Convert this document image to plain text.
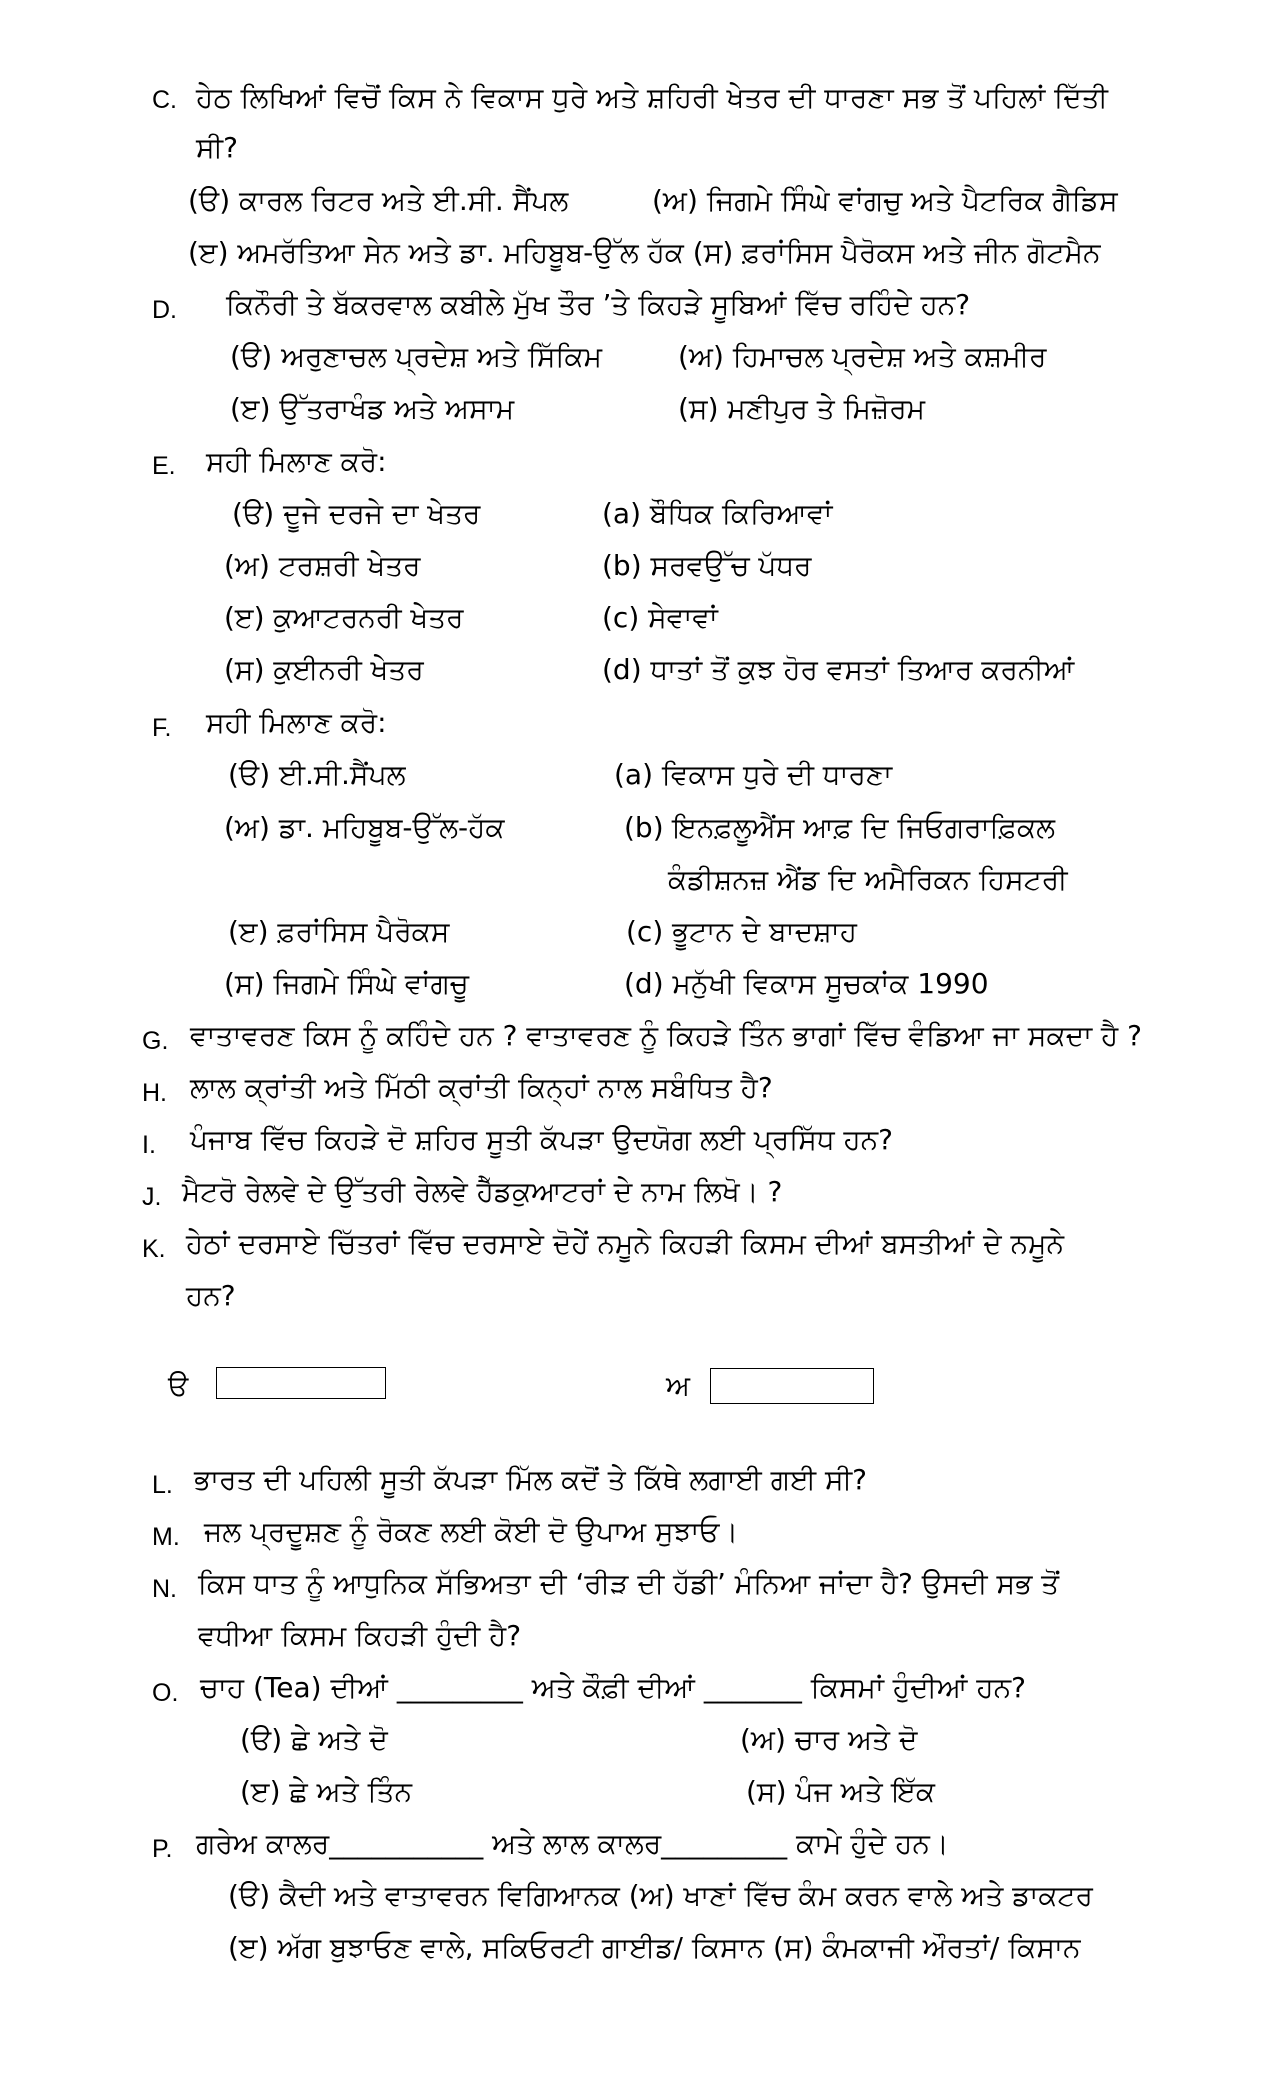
C. ਹੇਠ ਲਿਖਿਆਂ ਵਿਚੋਂ ਕਿਸ ਨੇ ਵਿਕਾਸ ਧੁਰੇ ਅਤੇ ਸ਼ਹਿਰੀ ਖੇਤਰ ਦੀ ਧਾਰਣਾ ਸਭ ਤੋਂ ਪਹਿਲਾਂ ਦਿੱਤੀ
ਸੀ?
(ੳ) ਕਾਰਲ ਰਿਟਰ ਅਤੇ ਈ.ਸੀ. ਸੈਂਪਲ	(ਅ) ਜਿਗਮੇ ਸਿੰਘੇ ਵਾਂਗਚੁ ਅਤੇ ਪੈਟਰਿਕ ਗੈਡਿਸ
(ੲ) ਅਮਰੱਤਿਆ ਸੇਨ ਅਤੇ ਡਾ. ਮਹਿਬੂਬ-ਉੱਲ ਹੱਕ (ਸ) ਫ਼ਰਾਂਸਿਸ ਪੈਰੋਕਸ ਅਤੇ ਜੀਨ ਗੋਟਮੈਨ
D. ਕਿਨੌਰੀ ਤੇ ਬੱਕਰਵਾਲ ਕਬੀਲੇ ਮੁੱਖ ਤੌਰ ’ਤੇ ਕਿਹੜੇ ਸੂਬਿਆਂ ਵਿੱਚ ਰਹਿੰਦੇ ਹਨ?
(ੳ) ਅਰੁਣਾਚਲ ਪ੍ਰਦੇਸ਼ ਅਤੇ ਸਿੱਕਿਮ	(ਅ) ਹਿਮਾਚਲ ਪ੍ਰਦੇਸ਼ ਅਤੇ ਕਸ਼ਮੀਰ
(ੲ) ਉੱਤਰਾਖੰਡ ਅਤੇ ਅਸਾਮ	(ਸ) ਮਣੀਪੁਰ ਤੇ ਮਿਜ਼ੋਰਮ
E. ਸਹੀ ਮਿਲਾਣ ਕਰੋ:
(ੳ) ਦੂਜੇ ਦਰਜੇ ਦਾ ਖੇਤਰ	(a) ਬੌਧਿਕ ਕਿਰਿਆਵਾਂ
(ਅ) ਟਰਸ਼ਰੀ ਖੇਤਰ	(b) ਸਰਵਉੱਚ ਪੱਧਰ
(ੲ) ਕੁਆਟਰਨਰੀ ਖੇਤਰ	(c) ਸੇਵਾਵਾਂ
(ਸ) ਕੁਈਨਰੀ ਖੇਤਰ	(d) ਧਾਤਾਂ ਤੋਂ ਕੁਝ ਹੋਰ ਵਸਤਾਂ ਤਿਆਰ ਕਰਨੀਆਂ
F. ਸਹੀ ਮਿਲਾਣ ਕਰੋ:
(ੳ) ਈ.ਸੀ.ਸੈਂਪਲ	(a) ਵਿਕਾਸ ਧੁਰੇ ਦੀ ਧਾਰਣਾ
(ਅ) ਡਾ. ਮਹਿਬੂਬ-ਉੱਲ-ਹੱਕ	(b) ਇਨਫ਼ਲੂਐਂਸ ਆਫ਼ ਦਿ ਜਿਓਗਰਾਫ਼ਿਕਲ
ਕੰਡੀਸ਼ਨਜ਼ ਐਂਡ ਦਿ ਅਮੈਰਿਕਨ ਹਿਸਟਰੀ
(ੲ) ਫ਼ਰਾਂਸਿਸ ਪੈਰੋਕਸ	(c) ਭੂਟਾਨ ਦੇ ਬਾਦਸ਼ਾਹ
(ਸ) ਜਿਗਮੇ ਸਿੰਘੇ ਵਾਂਗਚੂ	(d) ਮਨੁੱਖੀ ਵਿਕਾਸ ਸੂਚਕਾਂਕ 1990
G. ਵਾਤਾਵਰਣ ਕਿਸ ਨੂੰ ਕਹਿੰਦੇ ਹਨ ? ਵਾਤਾਵਰਣ ਨੂੰ ਕਿਹੜੇ ਤਿੰਨ ਭਾਗਾਂ ਵਿੱਚ ਵੰਡਿਆ ਜਾ ਸਕਦਾ ਹੈ ?
H. ਲਾਲ ਕ੍ਰਾਂਤੀ ਅਤੇ ਮਿੱਠੀ ਕ੍ਰਾਂਤੀ ਕਿਨ੍ਹਾਂ ਨਾਲ ਸਬੰਧਿਤ ਹੈ?
I. ਪੰਜਾਬ ਵਿੱਚ ਕਿਹੜੇ ਦੋ ਸ਼ਹਿਰ ਸੂਤੀ ਕੱਪੜਾ ਉਦਯੋਗ ਲਈ ਪ੍ਰਸਿੱਧ ਹਨ?
J. ਮੈਟਰੋ ਰੇਲਵੇ ਦੇ ਉੱਤਰੀ ਰੇਲਵੇ ਹੈੱਡਕੁਆਟਰਾਂ ਦੇ ਨਾਮ ਲਿਖੋ। ?
K. ਹੇਠਾਂ ਦਰਸਾਏ ਚਿੱਤਰਾਂ ਵਿੱਚ ਦਰਸਾਏ ਦੋਹੇਂ ਨਮੂਨੇ ਕਿਹੜੀ ਕਿਸਮ ਦੀਆਂ ਬਸਤੀਆਂ ਦੇ ਨਮੂਨੇ
ਹਨ?
ੳ	ਅ
L. ਭਾਰਤ ਦੀ ਪਹਿਲੀ ਸੂਤੀ ਕੱਪੜਾ ਮਿੱਲ ਕਦੋਂ ਤੇ ਕਿੱਥੇ ਲਗਾਈ ਗਈ ਸੀ?
M. ਜਲ ਪ੍ਰਦੂਸ਼ਣ ਨੂੰ ਰੋਕਣ ਲਈ ਕੋਈ ਦੋ ਉਪਾਅ ਸੁਝਾਓ।
N. ਕਿਸ ਧਾਤ ਨੂੰ ਆਧੁਨਿਕ ਸੱਭਿਅਤਾ ਦੀ ‘ਰੀੜ ਦੀ ਹੱਡੀ’ ਮੰਨਿਆ ਜਾਂਦਾ ਹੈ? ਉਸਦੀ ਸਭ ਤੋਂ
ਵਧੀਆ ਕਿਸਮ ਕਿਹੜੀ ਹੁੰਦੀ ਹੈ?
O. ਚਾਹ (Tea) ਦੀਆਂ _________ ਅਤੇ ਕੌਫ਼ੀ ਦੀਆਂ _______ ਕਿਸਮਾਂ ਹੁੰਦੀਆਂ ਹਨ?
(ੳ) ਛੇ ਅਤੇ ਦੋ	(ਅ) ਚਾਰ ਅਤੇ ਦੋ
(ੲ) ਛੇ ਅਤੇ ਤਿੰਨ	(ਸ) ਪੰਜ ਅਤੇ ਇੱਕ
P. ਗਰੇਅ ਕਾਲਰ___________ ਅਤੇ ਲਾਲ ਕਾਲਰ_________ ਕਾਮੇ ਹੁੰਦੇ ਹਨ।
(ੳ) ਕੈਦੀ ਅਤੇ ਵਾਤਾਵਰਨ ਵਿਗਿਆਨਕ (ਅ) ਖਾਣਾਂ ਵਿੱਚ ਕੰਮ ਕਰਨ ਵਾਲੇ ਅਤੇ ਡਾਕਟਰ
(ੲ) ਅੱਗ ਬੁਝਾਓਣ ਵਾਲੇ, ਸਕਿਓਰਟੀ ਗਾਈਡ/ ਕਿਸਾਨ (ਸ) ਕੰਮਕਾਜੀ ਔਰਤਾਂ/ ਕਿਸਾਨ
